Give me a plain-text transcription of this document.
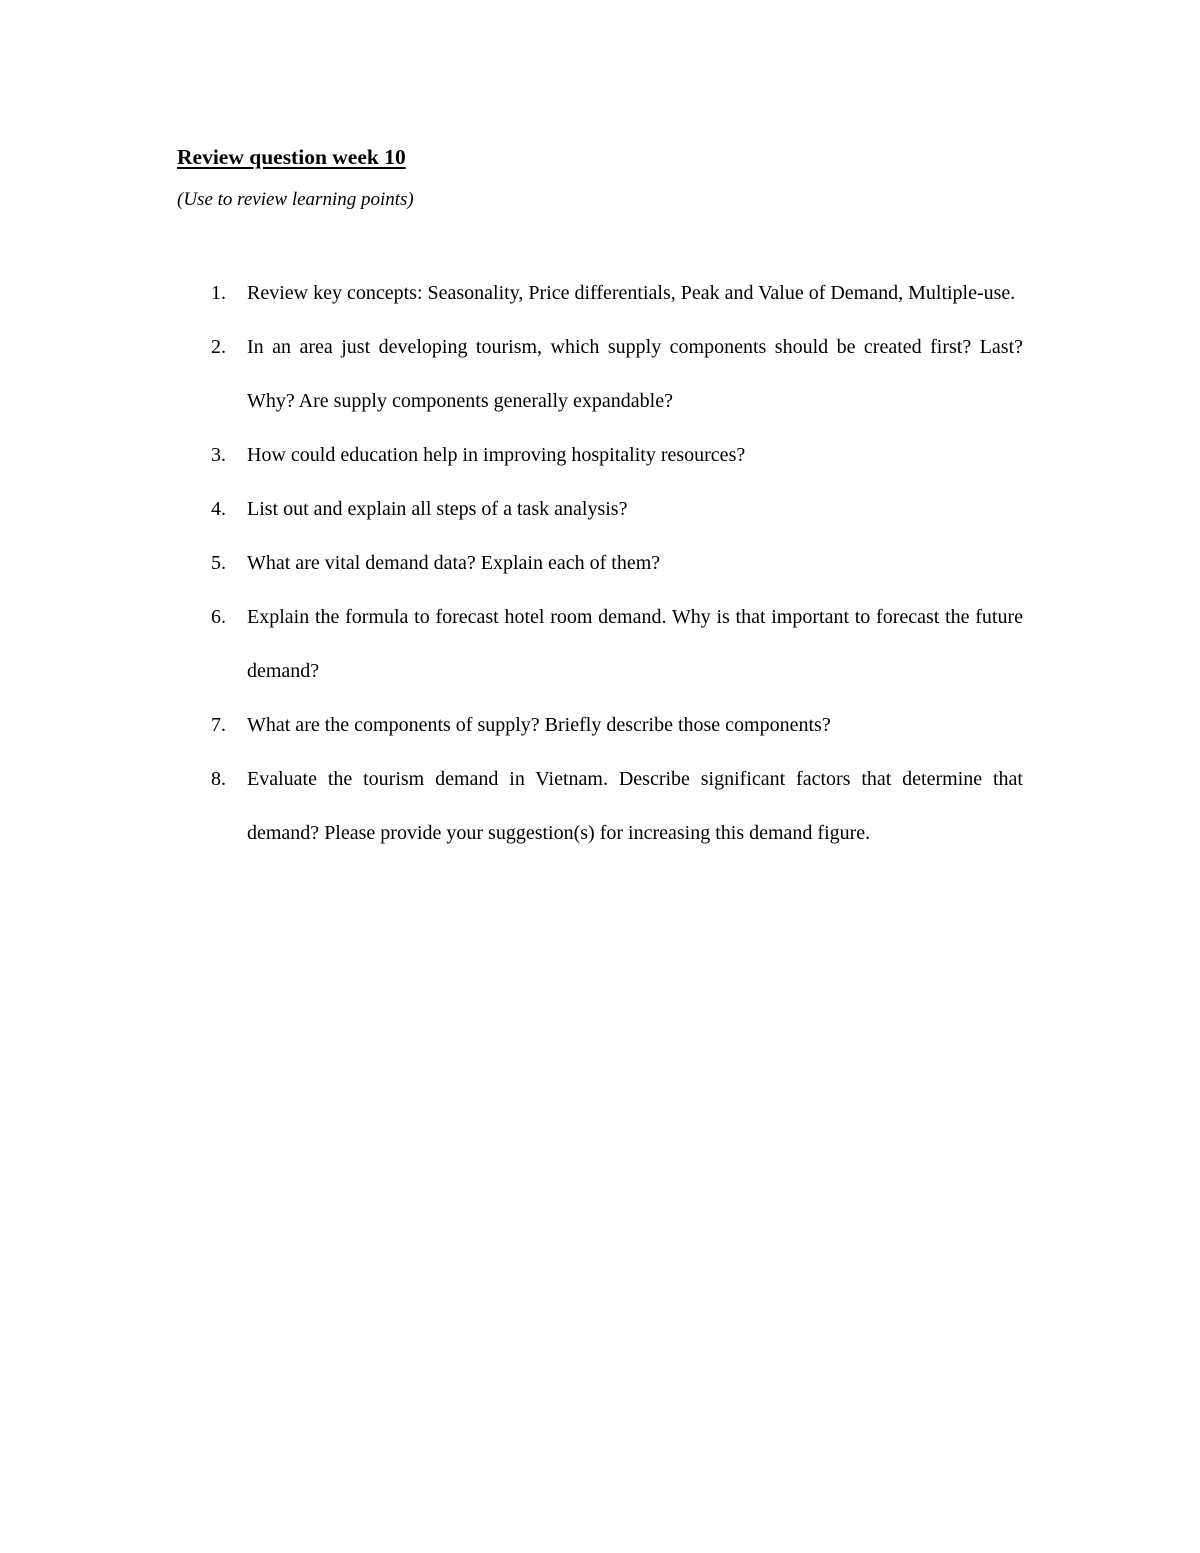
Review question week 10

(Use to review learning points)

1.	Review key concepts: Seasonality, Price differentials, Peak and Value of Demand, Multiple-use.
2.	In an area just developing tourism, which supply components should be created first? Last? Why? Are supply components generally expandable?
3.	How could education help in improving hospitality resources?
4.	List out and explain all steps of a task analysis?
5.	What are vital demand data? Explain each of them?
6.	Explain the formula to forecast hotel room demand. Why is that important to forecast the future demand?
7.	What are the components of supply? Briefly describe those components?
8.	Evaluate the tourism demand in Vietnam. Describe significant factors that determine that demand? Please provide your suggestion(s) for increasing this demand figure.
